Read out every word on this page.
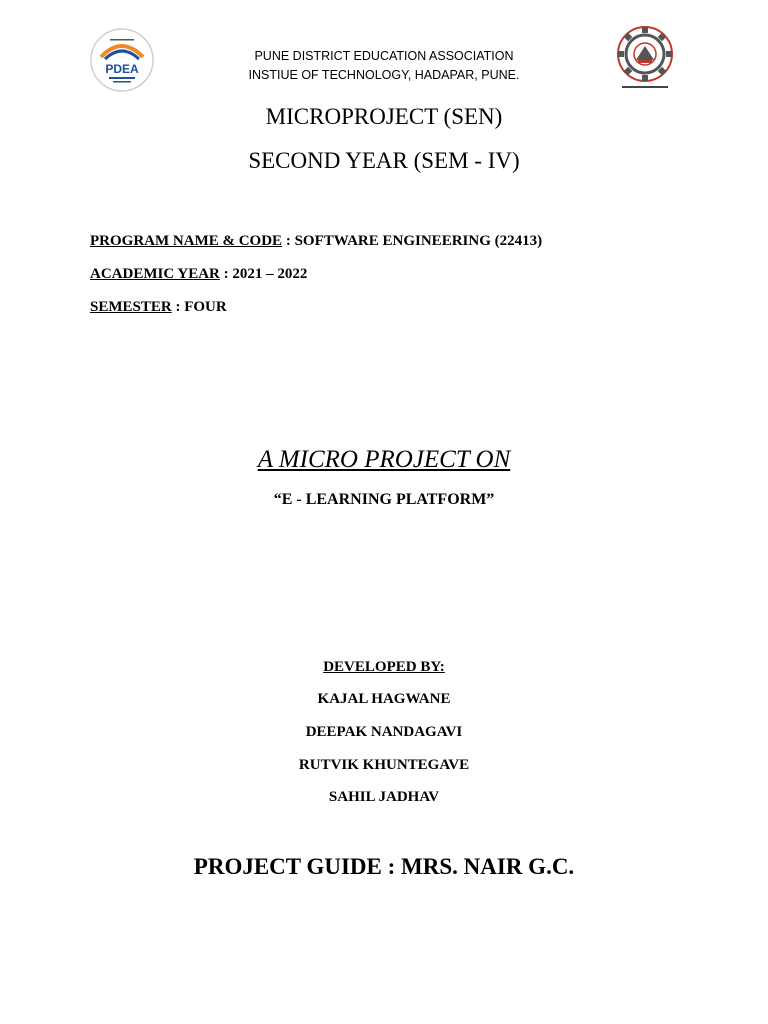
PDEA
PUNE DISTRICT EDUCATION ASSOCIATION
INSTIUE OF TECHNOLOGY, HADAPAR, PUNE.
MICROPROJECT (SEN)
SECOND YEAR (SEM - IV)
PROGRAM NAME & CODE : SOFTWARE ENGINEERING (22413)
ACADEMIC YEAR : 2021 – 2022
SEMESTER : FOUR
A MICRO PROJECT ON
“E - LEARNING PLATFORM”
DEVELOPED BY:
KAJAL HAGWANE
DEEPAK NANDAGAVI
RUTVIK KHUNTEGAVE
SAHIL JADHAV
PROJECT GUIDE : MRS. NAIR G.C.
